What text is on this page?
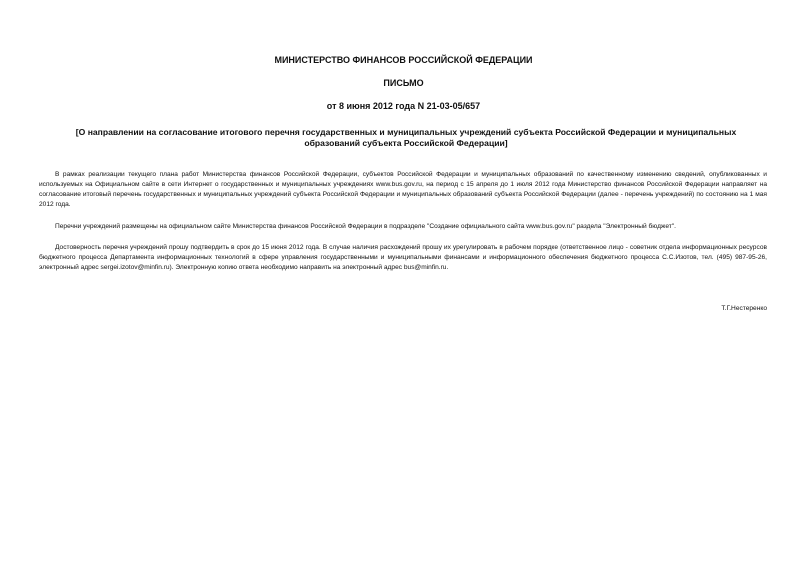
МИНИСТЕРСТВО ФИНАНСОВ РОССИЙСКОЙ ФЕДЕРАЦИИ

ПИСЬМО

от 8 июня 2012 года N 21-03-05/657

[О направлении на согласование итогового перечня государственных и муниципальных учреждений субъекта Российской Федерации и муниципальных образований субъекта Российской Федерации]

В рамках реализации текущего плана работ Министерства финансов Российской Федерации, субъектов Российской Федерации и муниципальных образований по качественному изменению сведений, опубликованных и используемых на Официальном сайте в сети Интернет о государственных и муниципальных учреждениях www.bus.gov.ru, на период с 15 апреля до 1 июля 2012 года Министерство финансов Российской Федерации направляет на согласование итоговый перечень государственных и муниципальных учреждений субъекта Российской Федерации и муниципальных образований субъекта Российской Федерации (далее - перечень учреждений) по состоянию на 1 мая 2012 года.

Перечни учреждений размещены на официальном сайте Министерства финансов Российской Федерации в подразделе "Создание официального сайта www.bus.gov.ru" раздела "Электронный бюджет".

Достоверность перечня учреждений прошу подтвердить в срок до 15 июня 2012 года. В случае наличия расхождений прошу их урегулировать в рабочем порядке (ответственное лицо - советник отдела информационных ресурсов бюджетного процесса Департамента информационных технологий в сфере управления государственными и муниципальными финансами и информационного обеспечения бюджетного процесса С.С.Изотов, тел. (495) 987-95-26, электронный адрес sergei.izotov@minfin.ru). Электронную копию ответа необходимо направить на электронный адрес bus@minfin.ru.

Т.Г.Нестеренко
